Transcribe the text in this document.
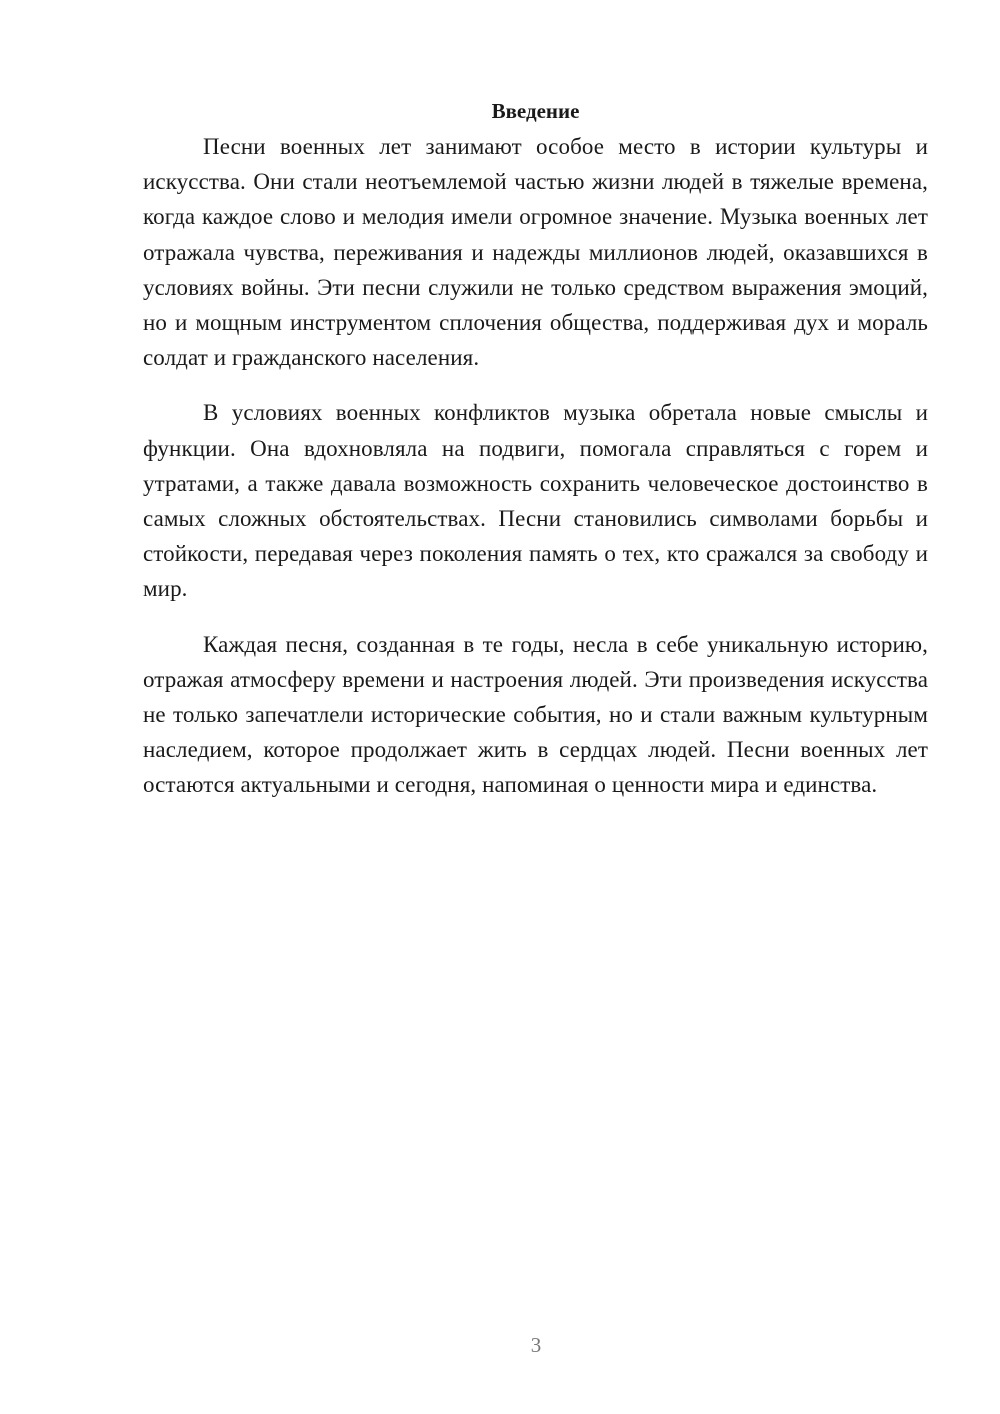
Введение

Песни военных лет занимают особое место в истории культуры и искусства. Они стали неотъемлемой частью жизни людей в тяжелые времена, когда каждое слово и мелодия имели огромное значение. Музыка военных лет отражала чувства, переживания и надежды миллионов людей, оказавшихся в условиях войны. Эти песни служили не только средством выражения эмоций, но и мощным инструментом сплочения общества, поддерживая дух и мораль солдат и гражданского населения.

В условиях военных конфликтов музыка обретала новые смыслы и функции. Она вдохновляла на подвиги, помогала справляться с горем и утратами, а также давала возможность сохранить человеческое достоинство в самых сложных обстоятельствах. Песни становились символами борьбы и стойкости, передавая через поколения память о тех, кто сражался за свободу и мир.

Каждая песня, созданная в те годы, несла в себе уникальную историю, отражая атмосферу времени и настроения людей. Эти произведения искусства не только запечатлели исторические события, но и стали важным культурным наследием, которое продолжает жить в сердцах людей. Песни военных лет остаются актуальными и сегодня, напоминая о ценности мира и единства.

3
